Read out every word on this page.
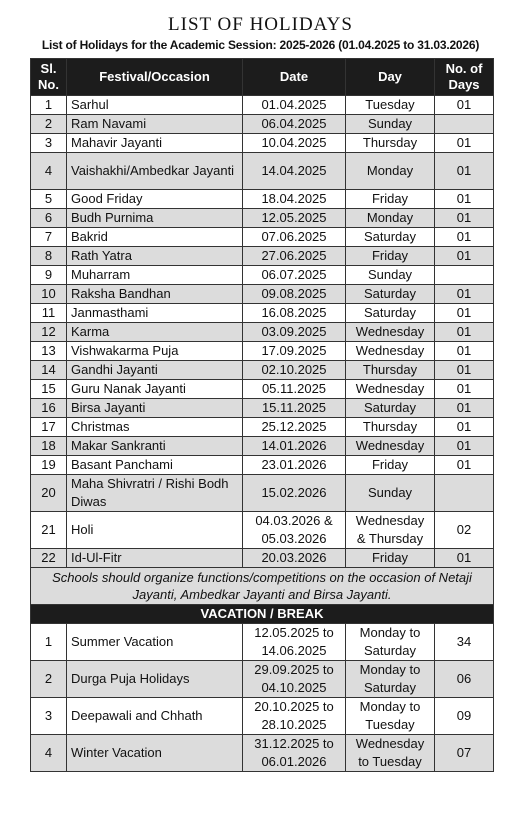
LIST OF HOLIDAYS
List of Holidays for the Academic Session: 2025-2026 (01.04.2025 to 31.03.2026)
Sl. No.	Festival/Occasion	Date	Day	No. of Days
1	Sarhul	01.04.2025	Tuesday	01
2	Ram Navami	06.04.2025	Sunday	
3	Mahavir Jayanti	10.04.2025	Thursday	01
4	Vaishakhi/Ambedkar Jayanti	14.04.2025	Monday	01
5	Good Friday	18.04.2025	Friday	01
6	Budh Purnima	12.05.2025	Monday	01
7	Bakrid	07.06.2025	Saturday	01
8	Rath Yatra	27.06.2025	Friday	01
9	Muharram	06.07.2025	Sunday	
10	Raksha Bandhan	09.08.2025	Saturday	01
11	Janmasthami	16.08.2025	Saturday	01
12	Karma	03.09.2025	Wednesday	01
13	Vishwakarma Puja	17.09.2025	Wednesday	01
14	Gandhi Jayanti	02.10.2025	Thursday	01
15	Guru Nanak Jayanti	05.11.2025	Wednesday	01
16	Birsa Jayanti	15.11.2025	Saturday	01
17	Christmas	25.12.2025	Thursday	01
18	Makar Sankranti	14.01.2026	Wednesday	01
19	Basant Panchami	23.01.2026	Friday	01
20	Maha Shivratri / Rishi Bodh Diwas	15.02.2026	Sunday	
21	Holi	04.03.2026 & 05.03.2026	Wednesday & Thursday	02
22	Id-Ul-Fitr	20.03.2026	Friday	01
Schools should organize functions/competitions on the occasion of Netaji Jayanti, Ambedkar Jayanti and Birsa Jayanti.				
VACATION / BREAK				
1	Summer Vacation	12.05.2025 to 14.06.2025	Monday to Saturday	34
2	Durga Puja Holidays	29.09.2025 to 04.10.2025	Monday to Saturday	06
3	Deepawali and Chhath	20.10.2025 to 28.10.2025	Monday to Tuesday	09
4	Winter Vacation	31.12.2025 to 06.01.2026	Wednesday to Tuesday	07
